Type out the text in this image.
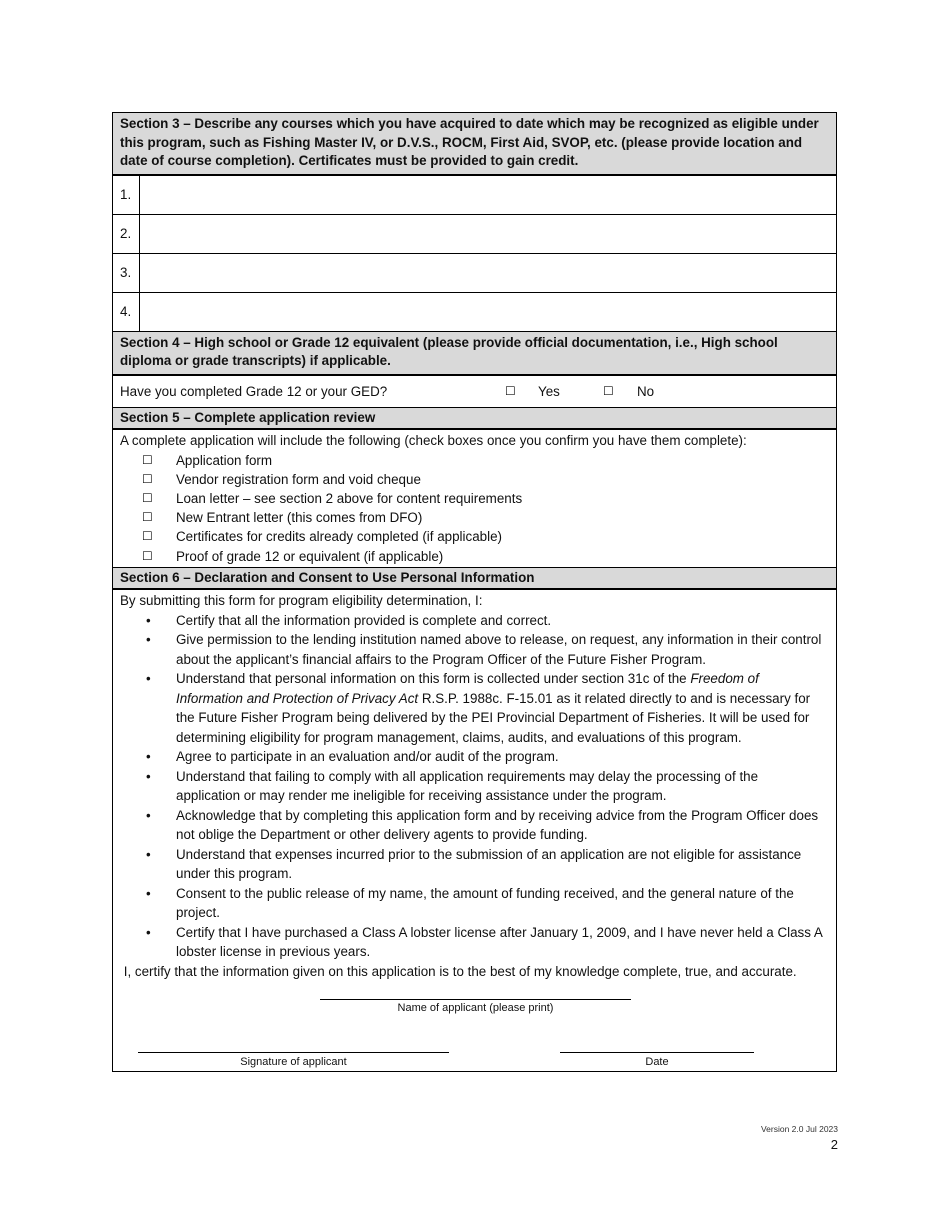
Section 3 – Describe any courses which you have acquired to date which may be recognized as eligible under this program, such as Fishing Master IV, or D.V.S., ROCM, First Aid, SVOP, etc. (please provide location and date of course completion). Certificates must be provided to gain credit.
1.
2.
3.
4.
Section 4 – High school or Grade 12 equivalent (please provide official documentation, i.e., High school diploma or grade transcripts) if applicable.
Have you completed Grade 12 or your GED?	☐ Yes	☐ No
Section 5 – Complete application review
A complete application will include the following (check boxes once you confirm you have them complete):
☐	Application form
☐	Vendor registration form and void cheque
☐	Loan letter – see section 2 above for content requirements
☐	New Entrant letter (this comes from DFO)
☐	Certificates for credits already completed (if applicable)
☐	Proof of grade 12 or equivalent (if applicable)
Section 6 – Declaration and Consent to Use Personal Information
By submitting this form for program eligibility determination, I:
•	Certify that all the information provided is complete and correct.
•	Give permission to the lending institution named above to release, on request, any information in their control about the applicant’s financial affairs to the Program Officer of the Future Fisher Program.
•	Understand that personal information on this form is collected under section 31c of the Freedom of Information and Protection of Privacy Act R.S.P. 1988c. F-15.01 as it related directly to and is necessary for the Future Fisher Program being delivered by the PEI Provincial Department of Fisheries. It will be used for determining eligibility for program management, claims, audits, and evaluations of this program.
•	Agree to participate in an evaluation and/or audit of the program.
•	Understand that failing to comply with all application requirements may delay the processing of the application or may render me ineligible for receiving assistance under the program.
•	Acknowledge that by completing this application form and by receiving advice from the Program Officer does not oblige the Department or other delivery agents to provide funding.
•	Understand that expenses incurred prior to the submission of an application are not eligible for assistance under this program.
•	Consent to the public release of my name, the amount of funding received, and the general nature of the project.
•	Certify that I have purchased a Class A lobster license after January 1, 2009, and I have never held a Class A lobster license in previous years.
I, certify that the information given on this application is to the best of my knowledge complete, true, and accurate.
Name of applicant (please print)
Signature of applicant	Date
Version 2.0 Jul 2023
2
